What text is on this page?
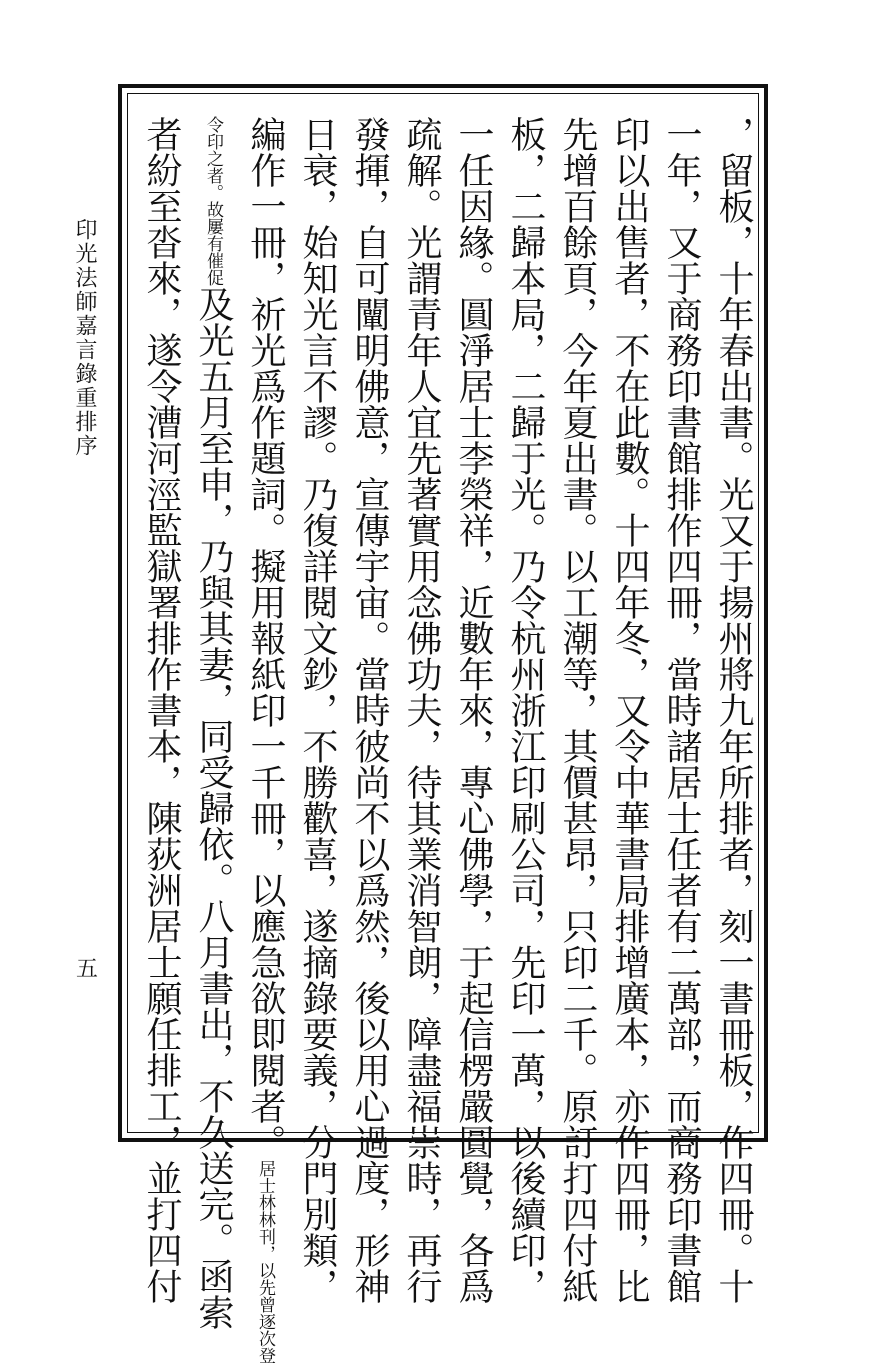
印光法師嘉言錄重排序
五	，留板，十年春出書。光又于揚州將九年所排者，刻一書冊板，作四冊。十
一年，又于商務印書館排作四冊，當時諸居士任者有二萬部，而商務印書館
印以出售者，不在此數。十四年冬，又令中華書局排增廣本，亦作四冊，比
先增百餘頁，今年夏出書。以工潮等，其價甚昂，只印二千。原訂打四付紙
板，二歸本局，二歸于光。乃令杭州浙江印刷公司，先印一萬，以後續印，
一任因緣。圓淨居士李榮祥，近數年來，專心佛學，于起信楞嚴圓覺，各爲
疏解。光謂青年人宜先著實用念佛功夫，待其業消智朗，障盡福崇時，再行
發揮，自可闡明佛意，宣傳宇宙。當時彼尚不以爲然，後以用心過度，形神
日衰，始知光言不謬。乃復詳閱文鈔，不勝歡喜，遂摘錄要義，分門別類，
編作一冊，祈光爲作題詞。擬用報紙印一千冊，以應急欲即閱者。
以先曾逐次登
居士林林刊，
故屢有催促
令印之者。
及光五月至申，乃與其妻，同受歸依。八月書出，不久送完。函索
者紛至沓來，遂令漕河涇監獄署排作書本，陳荻洲居士願任排工，並打四付
